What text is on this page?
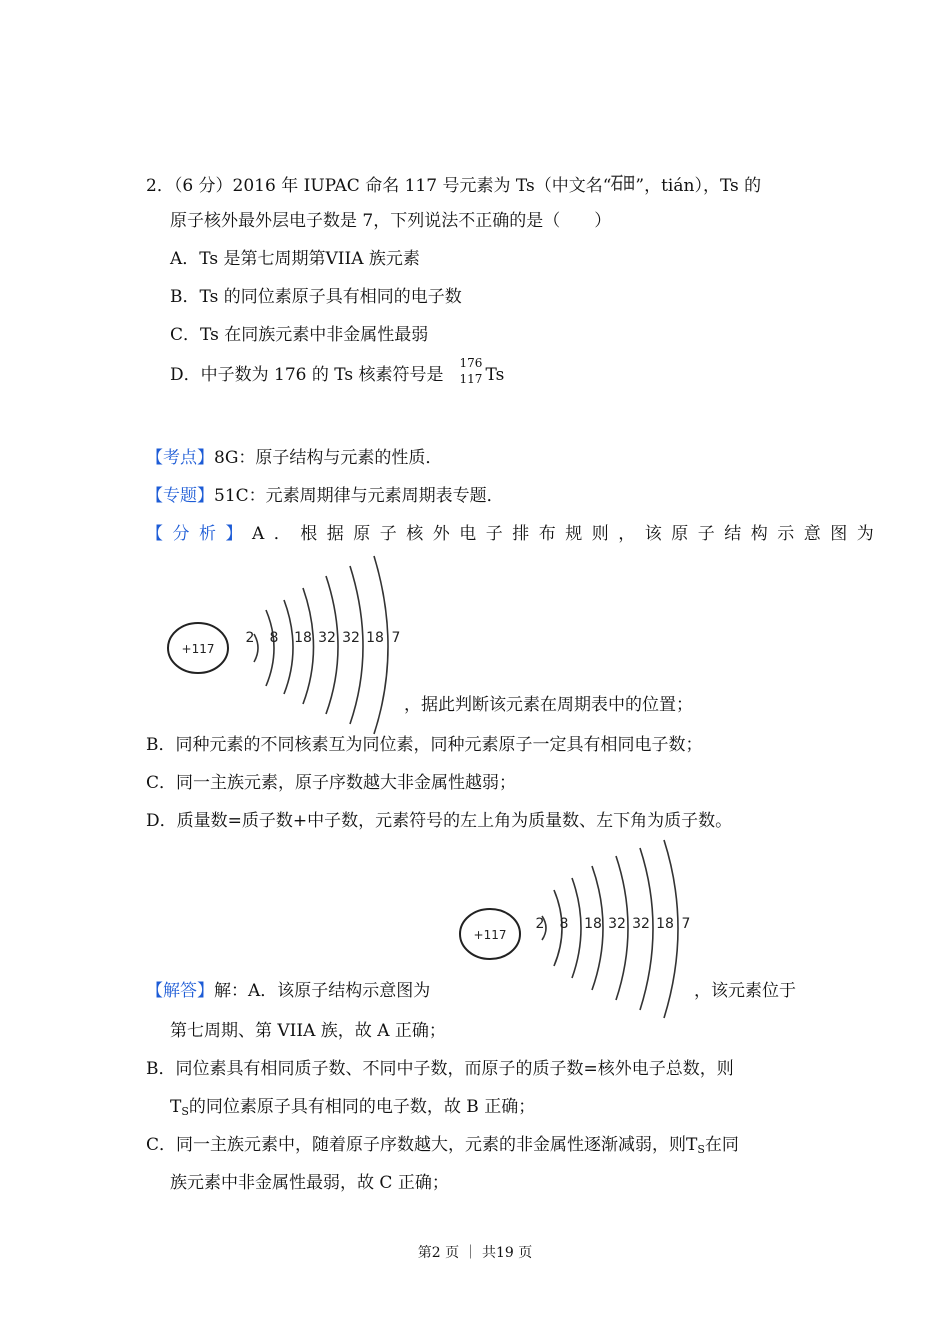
2．（6 分）2016 年 IUPAC 命名 117 号元素为 Ts（中文名“ 石田 ”，tián），Ts 的
原子核外最外层电子数是 7，下列说法不正确的是（　　）
A．Ts 是第七周期第VIIA 族元素
B．Ts 的同位素原子具有相同的电子数
C．Ts 在同族元素中非金属性最弱
D．中子数为 176 的 Ts 核素符号是
176
117 Ts
【考点】8G：原子结构与元素的性质．
【专题】51C：元素周期律与元素周期表专题．
【分析】A．根据原子核外电子排布规则，该原子结构示意图为
+117
2 8 18 32 32 18 7
，据此判断该元素在周期表中的位置；
B．同种元素的不同核素互为同位素，同种元素原子一定具有相同电子数；
C．同一主族元素，原子序数越大非金属性越弱；
D．质量数=质子数+中子数，元素符号的左上角为质量数、左下角为质子数。
+117
2 8 18 32 32 18 7
【解答】解：A．该原子结构示意图为	，该元素位于
第七周期、第 VIIA 族，故 A 正确；
B．同位素具有相同质子数、不同中子数，而原子的质子数=核外电子总数，则
TS的同位素原子具有相同的电子数，故 B 正确；
C．同一主族元素中，随着原子序数越大，元素的非金属性逐渐减弱，则TS在同
族元素中非金属性最弱，故 C 正确；
第2 页 ｜ 共19 页
